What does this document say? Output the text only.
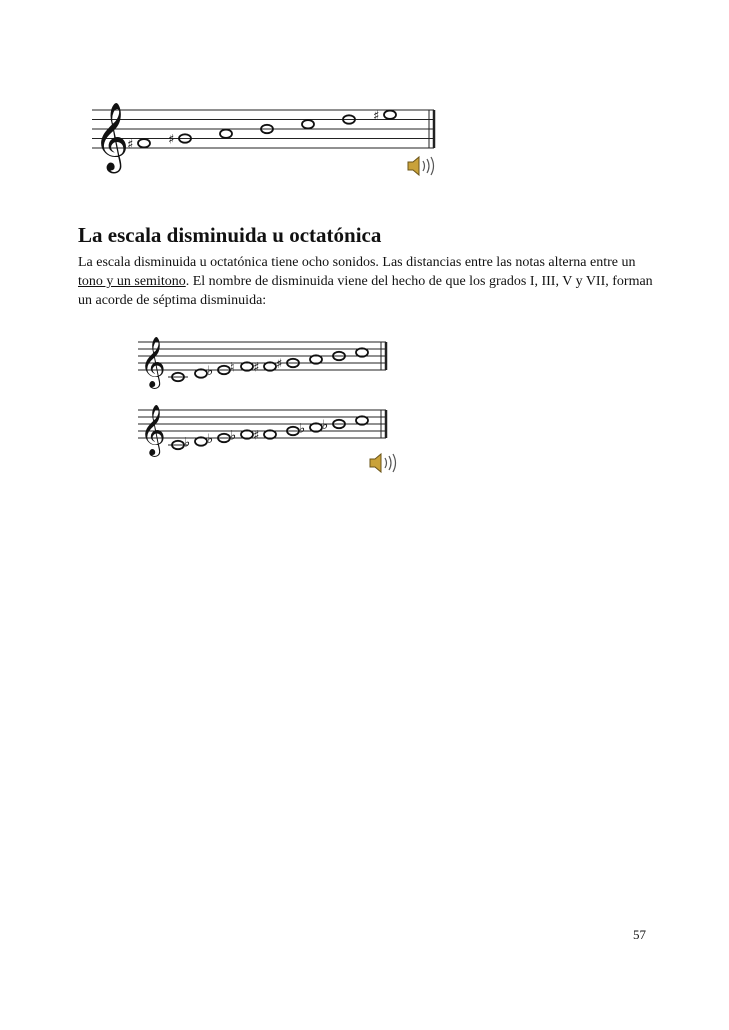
𝄞
♯	♯
♯
La escala disminuida u octatónica

La escala disminuida u octatónica tiene ocho sonidos. Las distancias entre las notas alterna entre un tono y un semitono. El nombre de disminuida viene del hecho de que los grados I, III, V y VII, forman un acorde de séptima disminuida:

𝄞	♭ ♮ ♯ ♯
𝄞 ♭ ♭ ♭ ♯	♭ ♭
57
